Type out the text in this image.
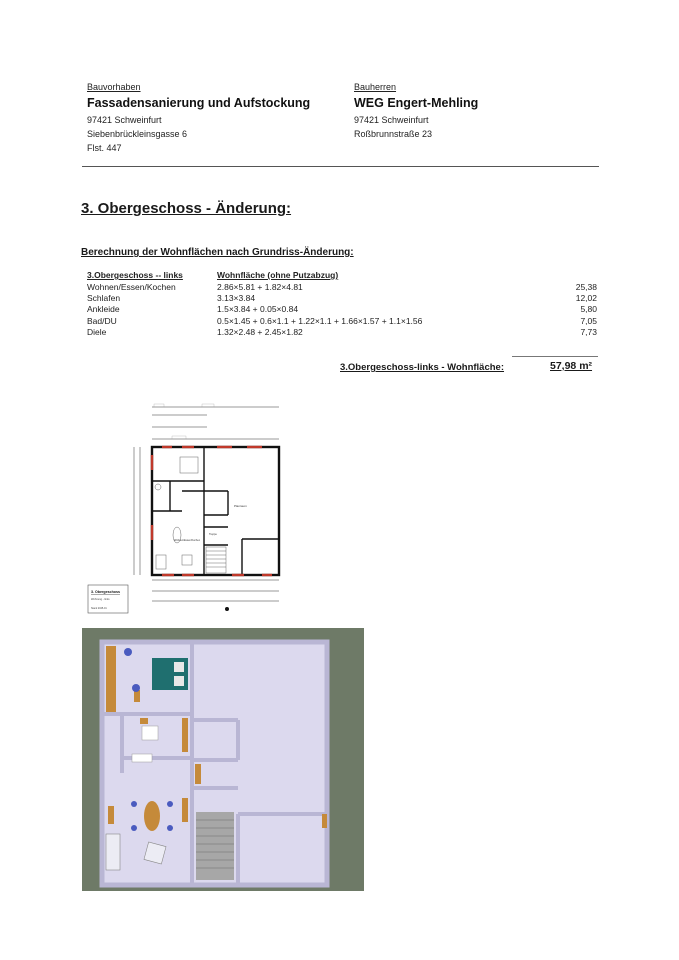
Bauvorhaben
Fassadensanierung und Aufstockung
97421 Schweinfurt
Siebenbrückleinsgasse 6
Flst. 447
Bauherren
WEG Engert-Mehling
97421 Schweinfurt
Roßbrunnstraße 23
3. Obergeschoss - Änderung:
Berechnung der Wohnflächen nach Grundriss-Änderung:
3.Obergeschoss -- links	Wohnfläche (ohne Putzabzug)	
Wohnen/Essen/Kochen	2.86×5.81 + 1.82×4.81	25,38
Schlafen	3.13×3.84	12,02
Ankleide	1.5×3.84 + 0.05×0.84	5,80
Bad/DU	0.5×1.45 + 0.6×1.1 + 1.22×1.1 + 1.66×1.57 + 1.1×1.56	7,05
Diele	1.32×2.48 + 2.45×1.82	7,73
3.Obergeschoss-links - Wohnfläche:	57,98 m²
Planraum
Wohnen/Essen/Kochen
Treppe
3. Obergeschoss
Wohnung - links
Stand 2025-01
